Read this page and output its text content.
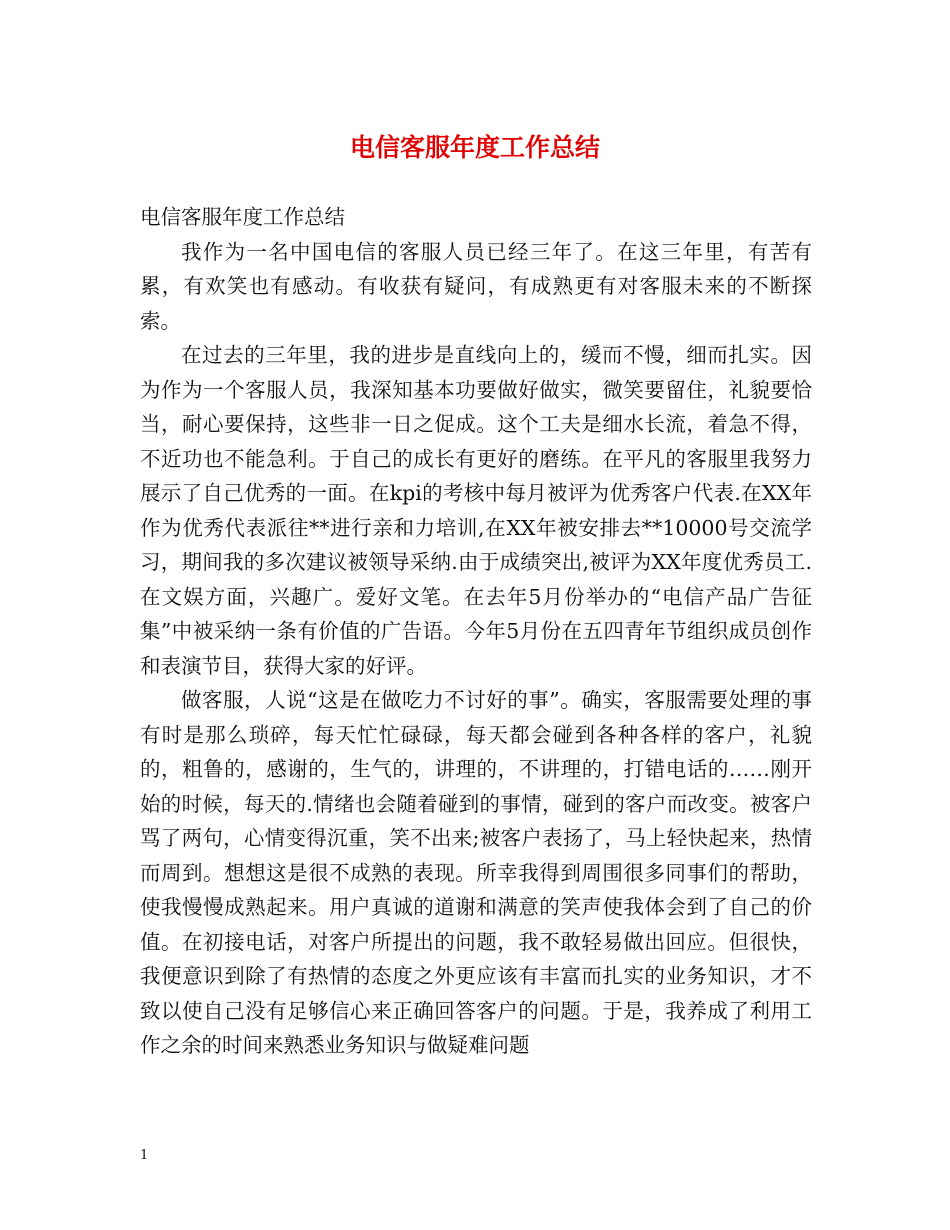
电信客服年度工作总结

电信客服年度工作总结

我作为一名中国电信的客服人员已经三年了。在这三年里，有苦有累，有欢笑也有感动。有收获有疑问，有成熟更有对客服未来的不断探索。

在过去的三年里，我的进步是直线向上的，缓而不慢，细而扎实。因为作为一个客服人员，我深知基本功要做好做实，微笑要留住，礼貌要恰当，耐心要保持，这些非一日之促成。这个工夫是细水长流，着急不得，不近功也不能急利。于自己的成长有更好的磨练。在平凡的客服里我努力展示了自己优秀的一面。在kpi的考核中每月被评为优秀客户代表.在XX年作为优秀代表派往**进行亲和力培训,在XX年被安排去**10000号交流学习，期间我的多次建议被领导采纳.由于成绩突出,被评为XX年度优秀员工.在文娱方面，兴趣广。爱好文笔。在去年5月份举办的“电信产品广告征集”中被采纳一条有价值的广告语。今年5月份在五四青年节组织成员创作和表演节目，获得大家的好评。

做客服，人说“这是在做吃力不讨好的事”。确实，客服需要处理的事有时是那么琐碎，每天忙忙碌碌，每天都会碰到各种各样的客户，礼貌的，粗鲁的，感谢的，生气的，讲理的，不讲理的，打错电话的……刚开始的时候，每天的.情绪也会随着碰到的事情，碰到的客户而改变。被客户骂了两句，心情变得沉重，笑不出来;被客户表扬了，马上轻快起来，热情而周到。想想这是很不成熟的表现。所幸我得到周围很多同事们的帮助，使我慢慢成熟起来。用户真诚的道谢和满意的笑声使我体会到了自己的价值。在初接电话，对客户所提出的问题，我不敢轻易做出回应。但很快，我便意识到除了有热情的态度之外更应该有丰富而扎实的业务知识，才不致以使自己没有足够信心来正确回答客户的问题。于是，我养成了利用工作之余的时间来熟悉业务知识与做疑难问题

1
